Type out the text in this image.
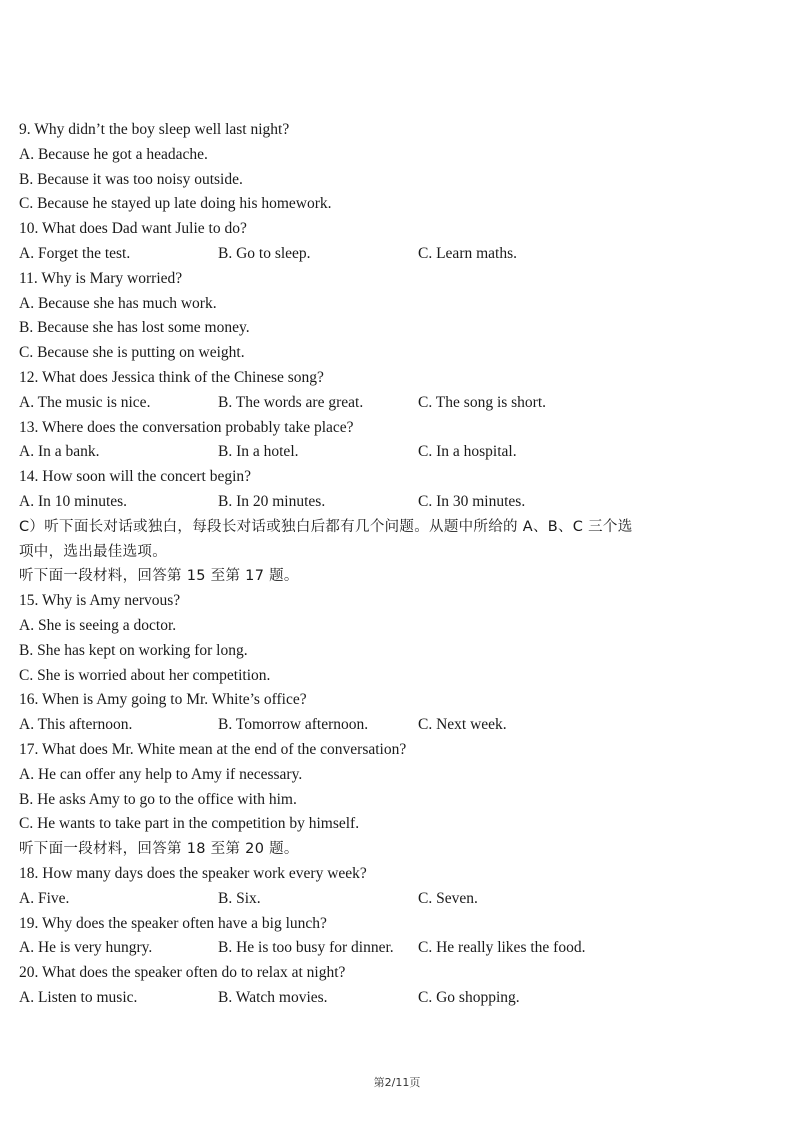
9. Why didn’t the boy sleep well last night?
A. Because he got a headache.
B. Because it was too noisy outside.
C. Because he stayed up late doing his homework.
10. What does Dad want Julie to do?
A. Forget the test.	B. Go to sleep.	C. Learn maths.
11. Why is Mary worried?
A. Because she has much work.
B. Because she has lost some money.
C. Because she is putting on weight.
12. What does Jessica think of the Chinese song?
A. The music is nice.	B. The words are great.	C. The song is short.
13. Where does the conversation probably take place?
A. In a bank.	B. In a hotel.	C. In a hospital.
14. How soon will the concert begin?
A. In 10 minutes.	B. In 20 minutes.	C. In 30 minutes.
C）听下面长对话或独白，每段长对话或独白后都有几个问题。从题中所给的 A、B、C 三个选
项中，选出最佳选项。
听下面一段材料，回答第 15 至第 17 题。
15. Why is Amy nervous?
A. She is seeing a doctor.
B. She has kept on working for long.
C. She is worried about her competition.
16. When is Amy going to Mr. White’s office?
A. This afternoon.	B. Tomorrow afternoon.	C. Next week.
17. What does Mr. White mean at the end of the conversation?
A. He can offer any help to Amy if necessary.
B. He asks Amy to go to the office with him.
C. He wants to take part in the competition by himself.
听下面一段材料，回答第 18 至第 20 题。
18. How many days does the speaker work every week?
A. Five.	B. Six.	C. Seven.
19. Why does the speaker often have a big lunch?
A. He is very hungry.	B. He is too busy for dinner. C. He really likes the food.
20. What does the speaker often do to relax at night?
A. Listen to music.	B. Watch movies.	C. Go shopping.
第2/11页
